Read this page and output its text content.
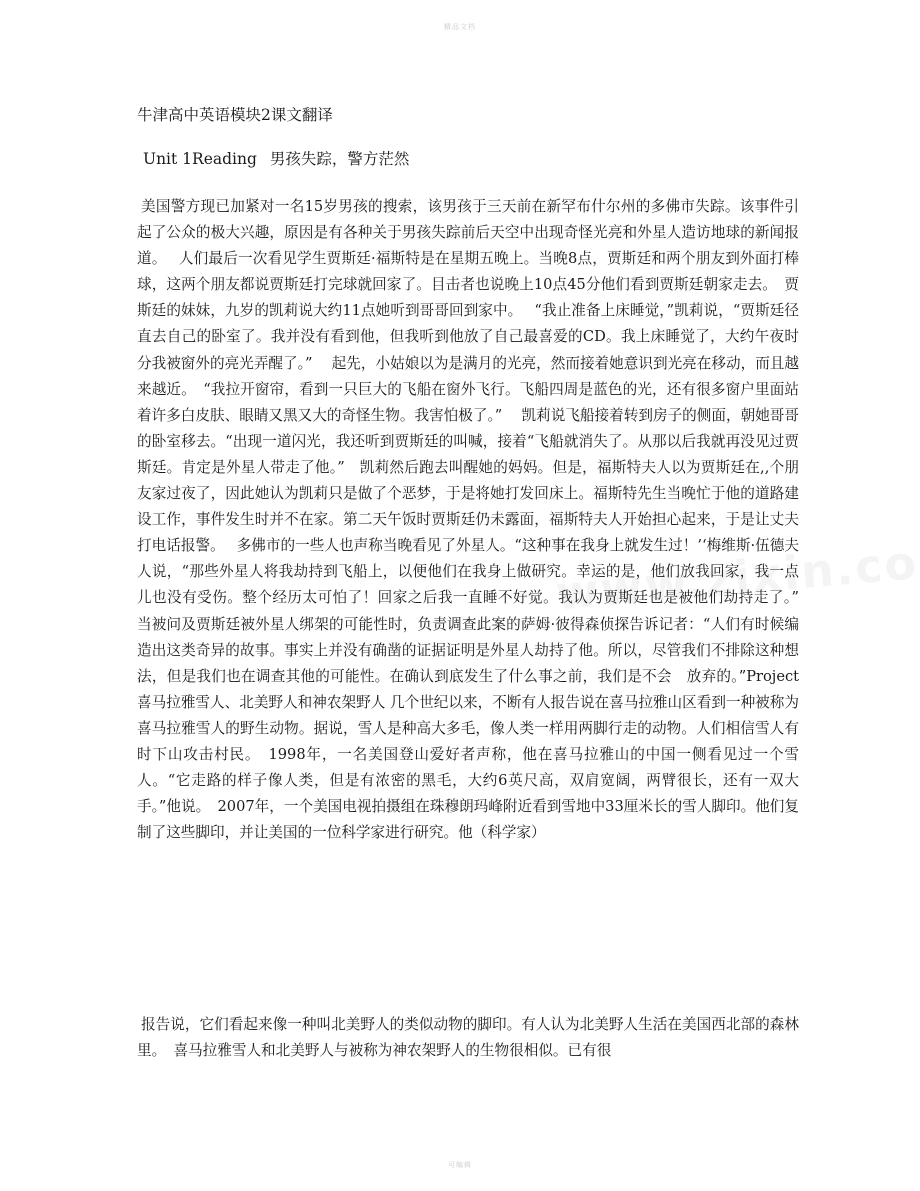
精品文档
牛津高中英语模块2课文翻译
Unit 1Reading 男孩失踪，警方茫然

美国警方现已加紧对一名15岁男孩的搜索，该男孩于三天前在新罕布什尔州的多佛市失踪。该事件引起了公众的极大兴趣，原因是有各种关于男孩失踪前后天空中出现奇怪光亮和外星人造访地球的新闻报道。　 人们最后一次看见学生贾斯廷·福斯特是在星期五晚上。当晚8点，贾斯廷和两个朋友到外面打棒球，这两个朋友都说贾斯廷打完球就回家了。目击者也说晚上10点45分他们看到贾斯廷朝家走去。　贾斯廷的妹妹，九岁的凯莉说大约11点她听到哥哥回到家中。　 “我止准备上床睡觉，”凯莉说，“贾斯廷径直去自己的卧室了。我并没有看到他，但我听到他放了自己最喜爱的CD。我上床睡觉了，大约午夜时分我被窗外的亮光弄醒了。”　 起先，小姑娘以为是满月的光亮，然而接着她意识到光亮在移动，而且越来越近。　“我拉开窗帘，看到一只巨大的飞船在窗外飞行。飞船四周是蓝色的光，还有很多窗户里面站着许多白皮肤、眼睛又黑又大的奇怪生物。我害怕极了。”　 凯莉说飞船接着转到房子的侧面，朝她哥哥的卧室移去。“出现一道闪光，我还听到贾斯廷的叫喊，接着“飞船就消失了。从那以后我就再没见过贾斯廷。肯定是外星人带走了他。”　凯莉然后跑去叫醒她的妈妈。但是，福斯特夫人以为贾斯廷在,,个朋友家过夜了，因此她认为凯莉只是做了个恶梦，于是将她打发回床上。福斯特先生当晚忙于他的道路建设工作，事件发生时并不在家。第二天午饭时贾斯廷仍未露面，福斯特夫人开始担心起来，于是让丈夫打电话报警。　 多佛市的一些人也声称当晚看见了外星人。“这种事在我身上就发生过！’‘梅维斯·伍德夫人说，“那些外星人将我劫持到飞船上，以便他们在我身上做研究。幸运的是，他们放我回家，我一点儿也没有受伤。整个经历太可怕了！回家之后我一直睡不好觉。我认为贾斯廷也是被他们劫持走了。”　当被问及贾斯廷被外星人绑架的可能性时，负责调查此案的萨姆·彼得森侦探告诉记者：“人们有时候编造出这类奇异的故事。事实上并没有确凿的证据证明是外星人劫持了他。所以，尽管我们不排除这种想法，但是我们也在调查其他的可能性。在确认到底发生了什么事之前，我们是不会　放弃的。”Project　喜马拉雅雪人、北美野人和神农架野人 几个世纪以来，不断有人报告说在喜马拉雅山区看到一种被称为喜马拉雅雪人的野生动物。据说，雪人是种高大多毛，像人类一样用两脚行走的动物。人们相信雪人有时下山攻击村民。　1998年，一名美国登山爱好者声称，他在喜马拉雅山的中国一侧看见过一个雪人。“它走路的样子像人类，但是有浓密的黑毛，大约6英尺高，双肩宽阔，两臂很长，还有一双大手。”他说。　2007年，一个美国电视拍摄组在珠穆朗玛峰附近看到雪地中33厘米长的雪人脚印。他们复制了这些脚印，并让美国的一位科学家进行研究。他（科学家）

报告说，它们看起来像一种叫北美野人的类似动物的脚印。有人认为北美野人生活在美国西北部的森林里。　喜马拉雅雪人和北美野人与被称为神农架野人的生物很相似。已有很

可编辑
